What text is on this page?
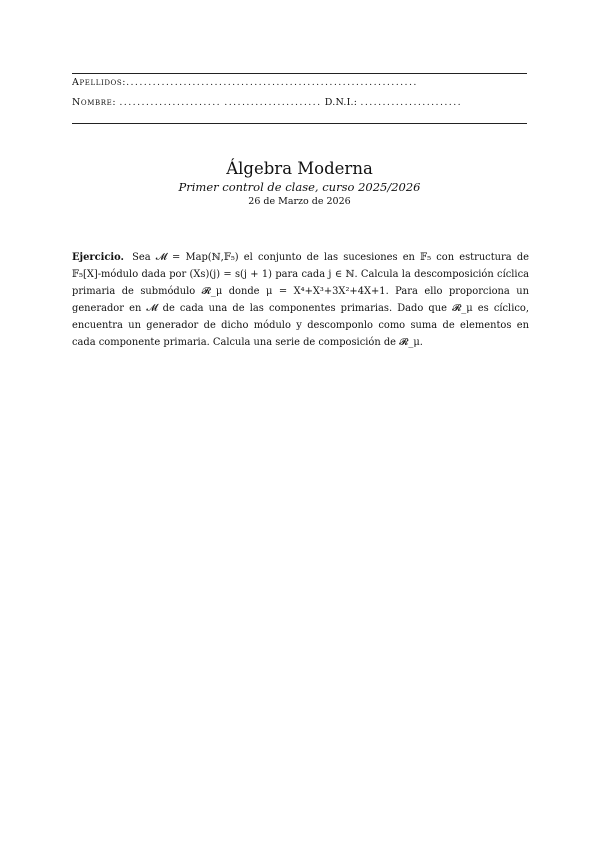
Apellidos:..................................................................
Nombre: ....................... ...................... D.N.I.: .......................
Álgebra Moderna
Primer control de clase, curso 2025/2026
26 de Marzo de 2026
Ejercicio. Sea 𝓜 = Map(ℕ,𝔽₅) el conjunto de las sucesiones en 𝔽₅ con estructura de 𝔽₅[X]-módulo dada por (Xs)(j) = s(j + 1) para cada j ∈ ℕ. Calcula la descomposición cíclica primaria de submódulo 𝓡_μ donde μ = X⁴+X³+3X²+4X+1. Para ello proporciona un generador en 𝓜 de cada una de las componentes primarias. Dado que 𝓡_μ es cíclico, encuentra un generador de dicho módulo y descomponlo como suma de elementos en cada componente primaria. Calcula una serie de composición de 𝓡_μ.
